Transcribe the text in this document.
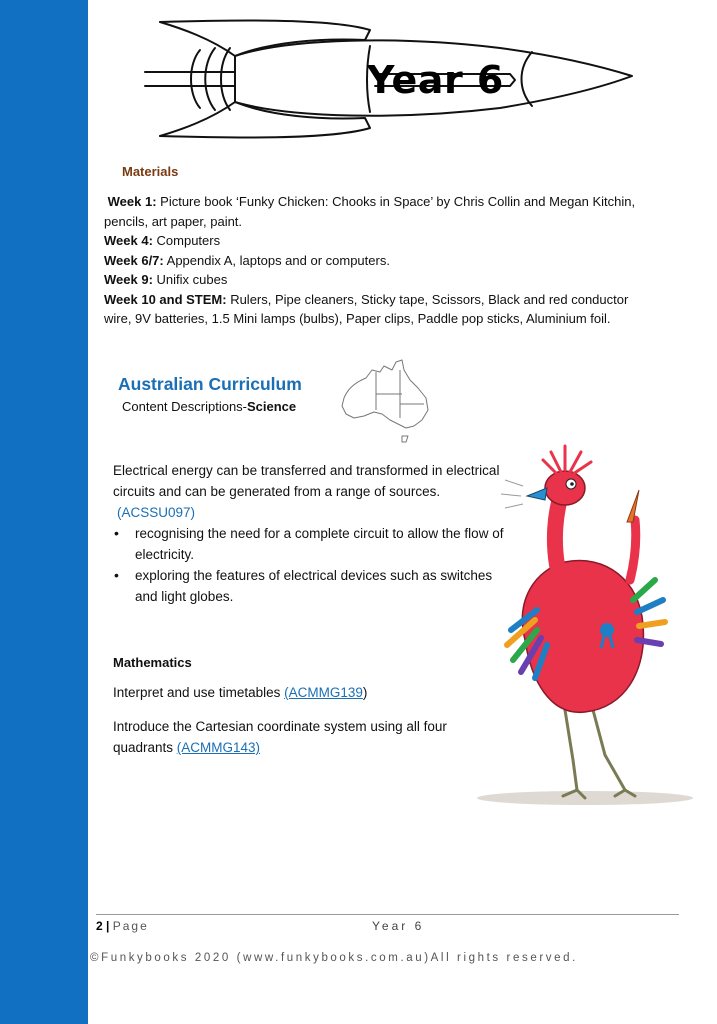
Year 6
Materials
Week 1: Picture book ‘Funky Chicken: Chooks in Space’ by Chris Collin and Megan Kitchin,
pencils, art paper, paint.
Week 4: Computers
Week 6/7: Appendix A, laptops and or computers.
Week 9: Unifix cubes
Week 10 and STEM: Rulers, Pipe cleaners, Sticky tape, Scissors, Black and red conductor
wire, 9V batteries, 1.5 Mini lamps (bulbs), Paper clips, Paddle pop sticks, Aluminium foil.
Australian Curriculum
Content Descriptions-Science
Electrical energy can be transferred and transformed in electrical circuits and can be generated from a range of sources.
(ACSSU097)
• recognising the need for a complete circuit to allow the flow of electricity.
• exploring the features of electrical devices such as switches and light globes.
Mathematics
Interpret and use timetables (ACMMG139)
Introduce the Cartesian coordinate system using all four quadrants (ACMMG143)
2 | Page	Year 6
©Funkybooks 2020 (www.funkybooks.com.au)All rights reserved.
